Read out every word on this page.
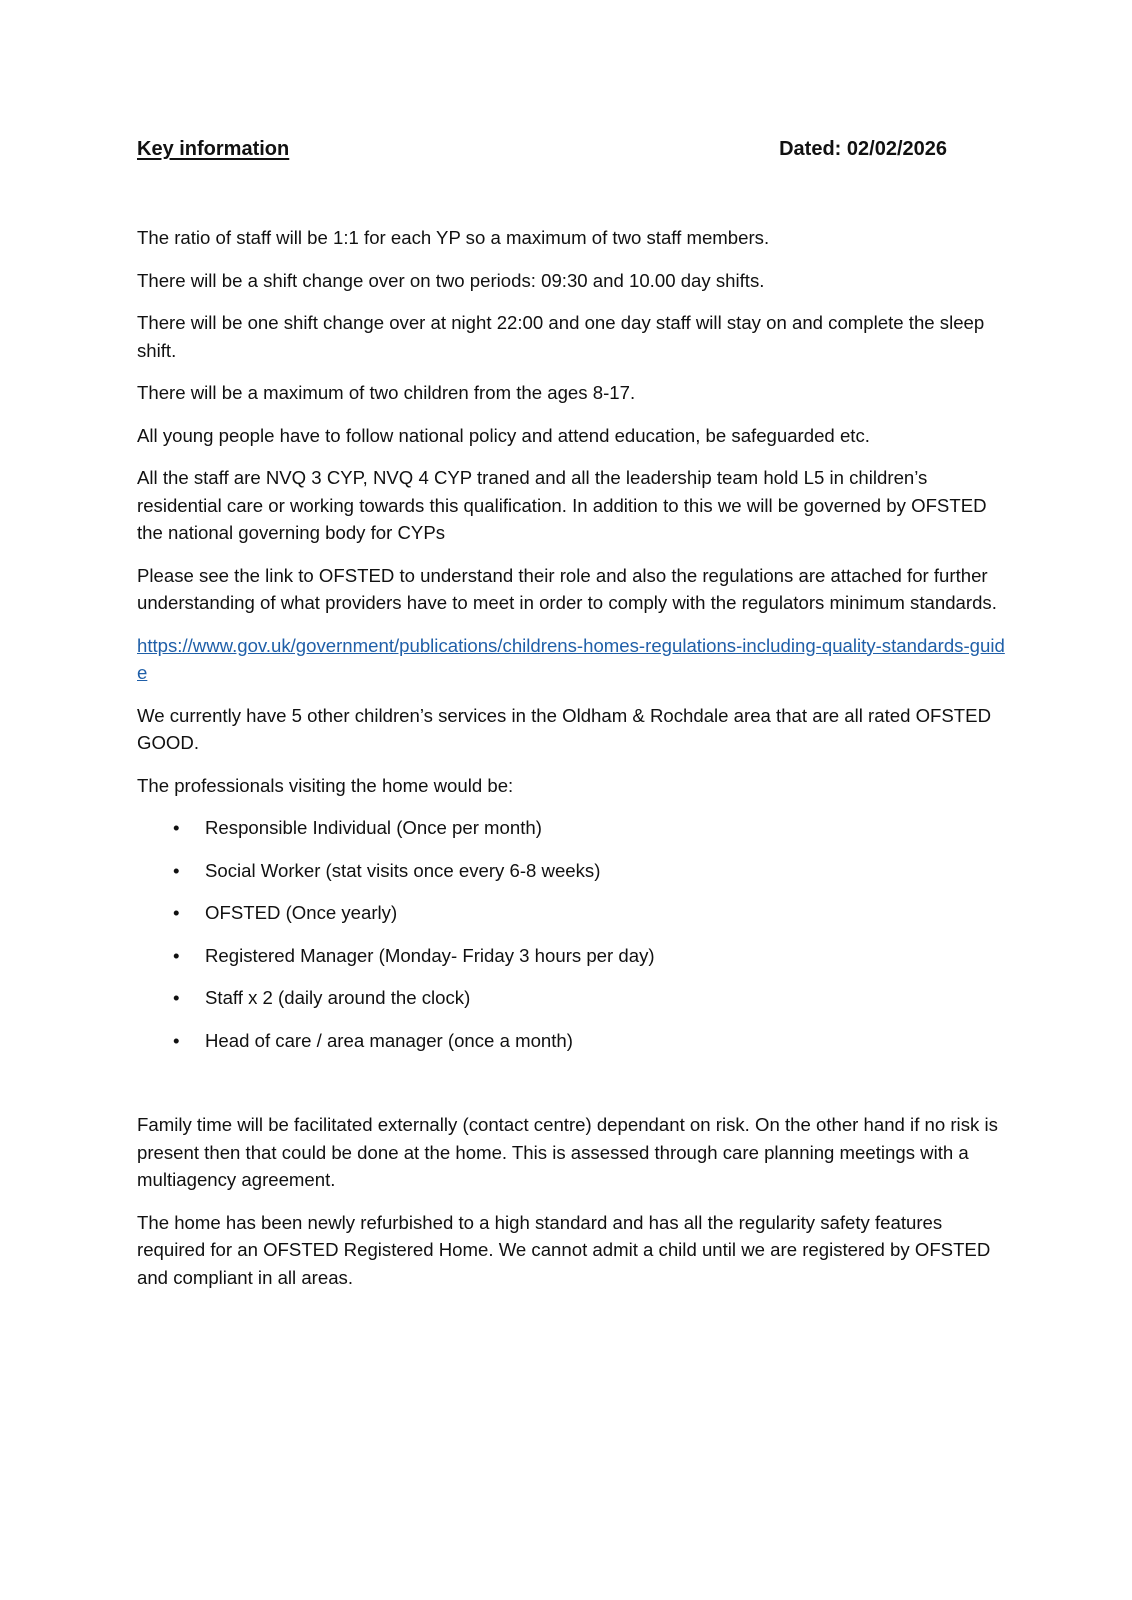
Key information	Dated: 02/02/2026

The ratio of staff will be 1:1 for each YP so a maximum of two staff members.

There will be a shift change over on two periods: 09:30 and 10.00 day shifts.

There will be one shift change over at night 22:00 and one day staff will stay on and complete the sleep shift.

There will be a maximum of two children from the ages 8-17.

All young people have to follow national policy and attend education, be safeguarded etc.

All the staff are NVQ 3 CYP, NVQ 4 CYP traned and all the leadership team hold L5 in children’s residential care or working towards this qualification. In addition to this we will be governed by OFSTED the national governing body for CYPs

Please see the link to OFSTED to understand their role and also the regulations are attached for further understanding of what providers have to meet in order to comply with the regulators minimum standards.

https://www.gov.uk/government/publications/childrens-homes-regulations-including-quality-standards-guide

We currently have 5 other children’s services in the Oldham & Rochdale area that are all rated OFSTED GOOD.

The professionals visiting the home would be:

• Responsible Individual (Once per month)
• Social Worker (stat visits once every 6-8 weeks)
• OFSTED (Once yearly)
• Registered Manager (Monday- Friday 3 hours per day)
• Staff x 2 (daily around the clock)
• Head of care / area manager (once a month)

Family time will be facilitated externally (contact centre) dependant on risk. On the other hand if no risk is present then that could be done at the home. This is assessed through care planning meetings with a multiagency agreement.

The home has been newly refurbished to a high standard and has all the regularity safety features required for an OFSTED Registered Home. We cannot admit a child until we are registered by OFSTED and compliant in all areas.
